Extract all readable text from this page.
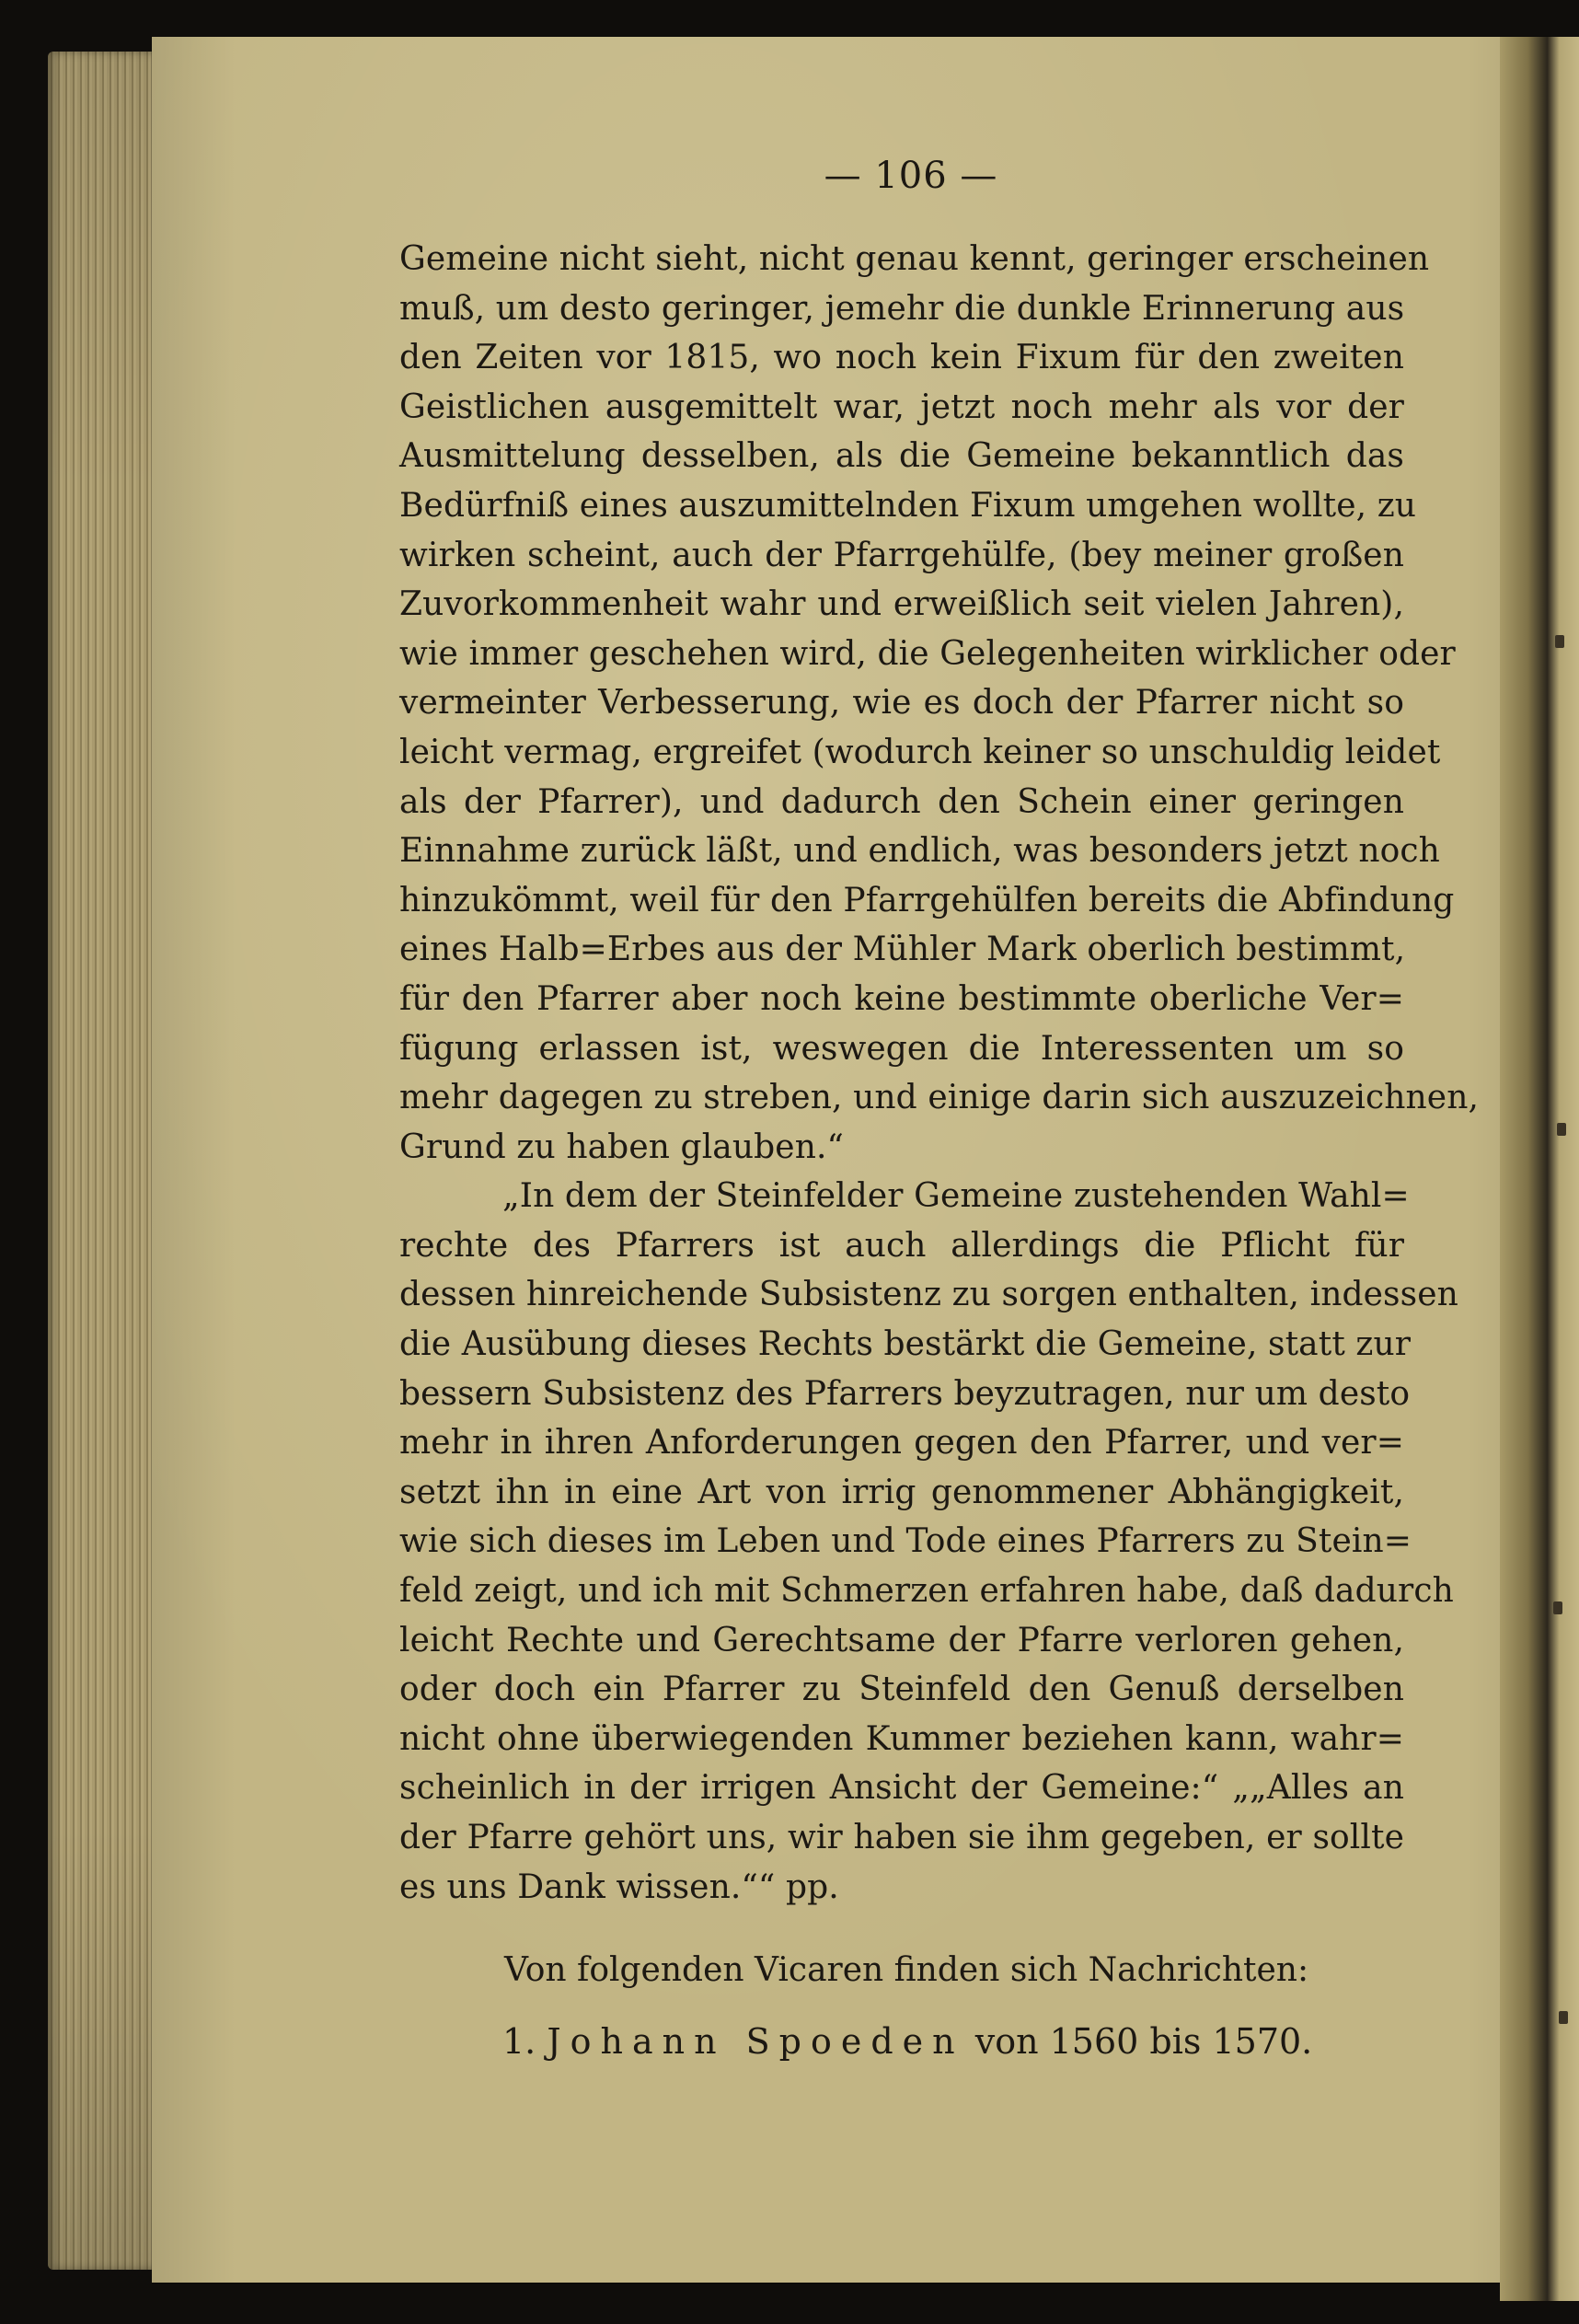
— 106 —
Gemeine nicht sieht, nicht genau kennt, geringer erscheinen
muß, um desto geringer, jemehr die dunkle Erinnerung aus
den Zeiten vor 1815, wo noch kein Fixum für den zweiten
Geistlichen ausgemittelt war, jetzt noch mehr als vor der
Ausmittelung desselben, als die Gemeine bekanntlich das
Bedürfniß eines auszumittelnden Fixum umgehen wollte, zu
wirken scheint, auch der Pfarrgehülfe, (bey meiner großen
Zuvorkommenheit wahr und erweißlich seit vielen Jahren),
wie immer geschehen wird, die Gelegenheiten wirklicher oder
vermeinter Verbesserung, wie es doch der Pfarrer nicht so
leicht vermag, ergreifet (wodurch keiner so unschuldig leidet
als der Pfarrer), und dadurch den Schein einer geringen
Einnahme zurück läßt, und endlich, was besonders jetzt noch
hinzukömmt, weil für den Pfarrgehülfen bereits die Abfindung
eines Halb=Erbes aus der Mühler Mark oberlich bestimmt,
für den Pfarrer aber noch keine bestimmte oberliche Ver=
fügung erlassen ist, weswegen die Interessenten um so
mehr dagegen zu streben, und einige darin sich auszuzeichnen,
Grund zu haben glauben.“
„In dem der Steinfelder Gemeine zustehenden Wahl=
rechte des Pfarrers ist auch allerdings die Pflicht für
dessen hinreichende Subsistenz zu sorgen enthalten, indessen
die Ausübung dieses Rechts bestärkt die Gemeine, statt zur
bessern Subsistenz des Pfarrers beyzutragen, nur um desto
mehr in ihren Anforderungen gegen den Pfarrer, und ver=
setzt ihn in eine Art von irrig genommener Abhängigkeit,
wie sich dieses im Leben und Tode eines Pfarrers zu Stein=
feld zeigt, und ich mit Schmerzen erfahren habe, daß dadurch
leicht Rechte und Gerechtsame der Pfarre verloren gehen,
oder doch ein Pfarrer zu Steinfeld den Genuß derselben
nicht ohne überwiegenden Kummer beziehen kann, wahr=
scheinlich in der irrigen Ansicht der Gemeine:“ „„Alles an
der Pfarre gehört uns, wir haben sie ihm gegeben, er sollte
es uns Dank wissen.““ pp.
Von folgenden Vicaren finden sich Nachrichten:
1. Johann Spoeden von 1560 bis 1570.
